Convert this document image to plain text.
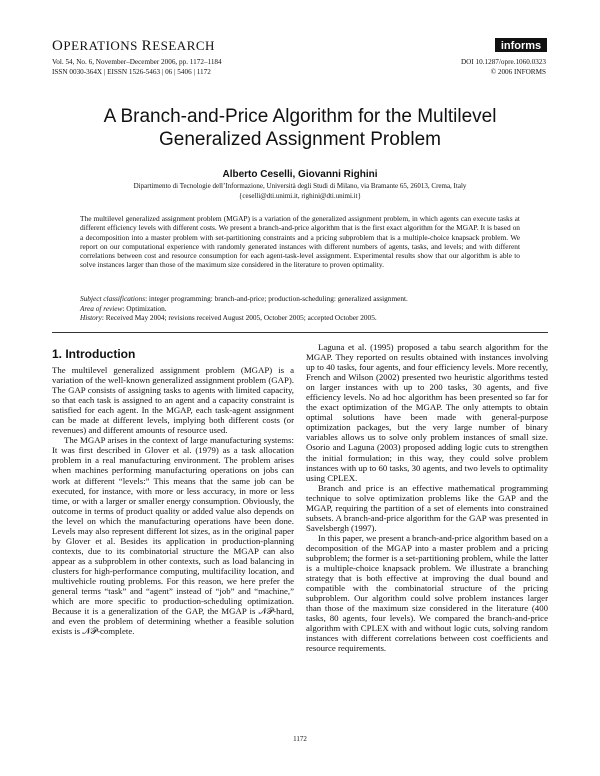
OPERATIONS RESEARCH
Vol. 54, No. 6, November–December 2006, pp. 1172–1184
ISSN 0030-364X | EISSN 1526-5463 | 06 | 5406 | 1172
informs
DOI 10.1287/opre.1060.0323
© 2006 INFORMS
A Branch-and-Price Algorithm for the Multilevel
Generalized Assignment Problem
Alberto Ceselli, Giovanni Righini
Dipartimento di Tecnologie dell’Informazione, Università degli Studi di Milano, via Bramante 65, 26013, Crema, Italy
{ceselli@dti.unimi.it, righini@dti.unimi.it}
The multilevel generalized assignment problem (MGAP) is a variation of the generalized assignment problem, in which agents can execute tasks at different efficiency levels with different costs. We present a branch-and-price algorithm that is the first exact algorithm for the MGAP. It is based on a decomposition into a master problem with set-partitioning constraints and a pricing subproblem that is a multiple-choice knapsack problem. We report on our computational experience with randomly generated instances with different numbers of agents, tasks, and levels; and with different correlations between cost and resource consumption for each agent-task-level assignment. Experimental results show that our algorithm is able to solve instances larger than those of the maximum size considered in the literature to proven optimality.
Subject classifications: integer programming: branch-and-price; production-scheduling: generalized assignment.
Area of review: Optimization.
History: Received May 2004; revisions received August 2005, October 2005; accepted October 2005.
1. Introduction

The multilevel generalized assignment problem (MGAP) is a variation of the well-known generalized assignment problem (GAP). The GAP consists of assigning tasks to agents with limited capacity, so that each task is assigned to an agent and a capacity constraint is satisfied for each agent. In the MGAP, each task-agent assignment can be made at different levels, implying both different costs (or revenues) and different amounts of resource used.

The MGAP arises in the context of large manufacturing systems: It was first described in Glover et al. (1979) as a task allocation problem in a real manufacturing environment. The problem arises when machines performing manufacturing operations on jobs can work at different “levels:” This means that the same job can be executed, for instance, with more or less accuracy, in more or less time, or with a larger or smaller energy consumption. Obviously, the outcome in terms of product quality or added value also depends on the level on which the manufacturing operations have been done. Levels may also represent different lot sizes, as in the original paper by Glover et al. Besides its application in production-planning contexts, due to its combinatorial structure the MGAP can also appear as a subproblem in other contexts, such as load balancing in clusters for high-performance computing, multifacility location, and multivehicle routing problems. For this reason, we here prefer the general terms “task” and “agent” instead of “job” and “machine,” which are more specific to production-scheduling optimization. Because it is a generalization of the GAP, the MGAP is 𝒩𝒫-hard, and even the problem of determining whether a feasible solution exists is 𝒩𝒫-complete.

Laguna et al. (1995) proposed a tabu search algorithm for the MGAP. They reported on results obtained with instances involving up to 40 tasks, four agents, and four efficiency levels. More recently, French and Wilson (2002) presented two heuristic algorithms tested on larger instances with up to 200 tasks, 30 agents, and five efficiency levels. No ad hoc algorithm has been presented so far for the exact optimization of the MGAP. The only attempts to obtain optimal solutions have been made with general-purpose optimization packages, but the very large number of binary variables allows us to solve only problem instances of small size. Osorio and Laguna (2003) proposed adding logic cuts to strengthen the initial formulation; in this way, they could solve problem instances with up to 60 tasks, 30 agents, and two levels to optimality using CPLEX.

Branch and price is an effective mathematical programming technique to solve optimization problems like the GAP and the MGAP, requiring the partition of a set of elements into constrained subsets. A branch-and-price algorithm for the GAP was presented in Savelsbergh (1997).

In this paper, we present a branch-and-price algorithm based on a decomposition of the MGAP into a master problem and a pricing subproblem; the former is a set-partitioning problem, while the latter is a multiple-choice knapsack problem. We illustrate a branching strategy that is both effective at improving the dual bound and compatible with the combinatorial structure of the pricing subproblem. Our algorithm could solve problem instances larger than those of the maximum size considered in the literature (400 tasks, 80 agents, four levels). We compared the branch-and-price algorithm with CPLEX with and without logic cuts, solving random instances with different correlations between cost coefficients and resource requirements.

1172
